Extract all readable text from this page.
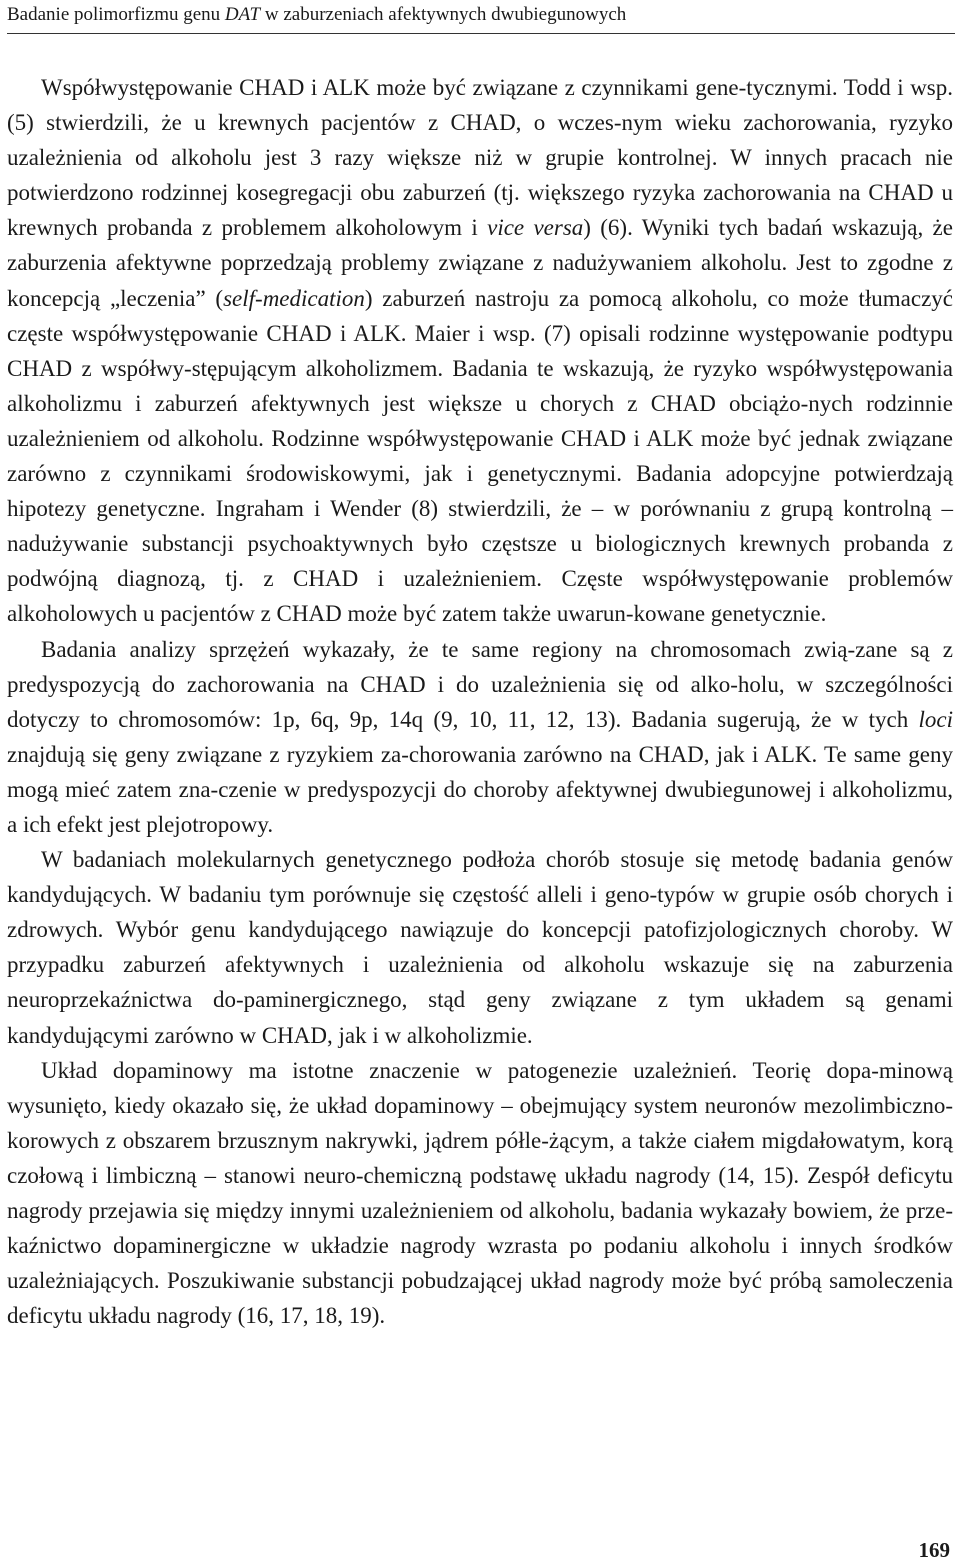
Badanie polimorfizmu genu DAT w zaburzeniach afektywnych dwubiegunowych

Współwystępowanie CHAD i ALK może być związane z czynnikami gene-tycznymi. Todd i wsp. (5) stwierdzili, że u krewnych pacjentów z CHAD, o wczes-nym wieku zachorowania, ryzyko uzależnienia od alkoholu jest 3 razy większe niż w grupie kontrolnej. W innych pracach nie potwierdzono rodzinnej kosegregacji obu zaburzeń (tj. większego ryzyka zachorowania na CHAD u krewnych probanda z problemem alkoholowym i vice versa) (6). Wyniki tych badań wskazują, że zaburzenia afektywne poprzedzają problemy związane z nadużywaniem alkoholu. Jest to zgodne z koncepcją „leczenia” (self-medication) zaburzeń nastroju za pomocą alkoholu, co może tłumaczyć częste współwystępowanie CHAD i ALK. Maier i wsp. (7) opisali rodzinne występowanie podtypu CHAD z współwy-stępującym alkoholizmem. Badania te wskazują, że ryzyko współwystępowania alkoholizmu i zaburzeń afektywnych jest większe u chorych z CHAD obciążo-nych rodzinnie uzależnieniem od alkoholu. Rodzinne współwystępowanie CHAD i ALK może być jednak związane zarówno z czynnikami środowiskowymi, jak i genetycznymi. Badania adopcyjne potwierdzają hipotezy genetyczne. Ingraham i Wender (8) stwierdzili, że – w porównaniu z grupą kontrolną – nadużywanie substancji psychoaktywnych było częstsze u biologicznych krewnych probanda z podwójną diagnozą, tj. z CHAD i uzależnieniem. Częste współwystępowanie problemów alkoholowych u pacjentów z CHAD może być zatem także uwarun-kowane genetycznie.

Badania analizy sprzężeń wykazały, że te same regiony na chromosomach zwią-zane są z predyspozycją do zachorowania na CHAD i do uzależnienia się od alko-holu, w szczególności dotyczy to chromosomów: 1p, 6q, 9p, 14q (9, 10, 11, 12, 13). Badania sugerują, że w tych loci znajdują się geny związane z ryzykiem za-chorowania zarówno na CHAD, jak i ALK. Te same geny mogą mieć zatem zna-czenie w predyspozycji do choroby afektywnej dwubiegunowej i alkoholizmu, a ich efekt jest plejotropowy.

W badaniach molekularnych genetycznego podłoża chorób stosuje się metodę badania genów kandydujących. W badaniu tym porównuje się częstość alleli i geno-typów w grupie osób chorych i zdrowych. Wybór genu kandydującego nawiązuje do koncepcji patofizjologicznych choroby. W przypadku zaburzeń afektywnych i uzależnienia od alkoholu wskazuje się na zaburzenia neuroprzekaźnictwa do-paminergicznego, stąd geny związane z tym układem są genami kandydującymi zarówno w CHAD, jak i w alkoholizmie.

Układ dopaminowy ma istotne znaczenie w patogenezie uzależnień. Teorię dopa-minową wysunięto, kiedy okazało się, że układ dopaminowy – obejmujący system neuronów mezolimbiczno-korowych z obszarem brzusznym nakrywki, jądrem półle-żącym, a także ciałem migdałowatym, korą czołową i limbiczną – stanowi neuro-chemiczną podstawę układu nagrody (14, 15). Zespół deficytu nagrody przejawia się między innymi uzależnieniem od alkoholu, badania wykazały bowiem, że prze-kaźnictwo dopaminergiczne w układzie nagrody wzrasta po podaniu alkoholu i innych środków uzależniających. Poszukiwanie substancji pobudzającej układ nagrody może być próbą samoleczenia deficytu układu nagrody (16, 17, 18, 19).

169
